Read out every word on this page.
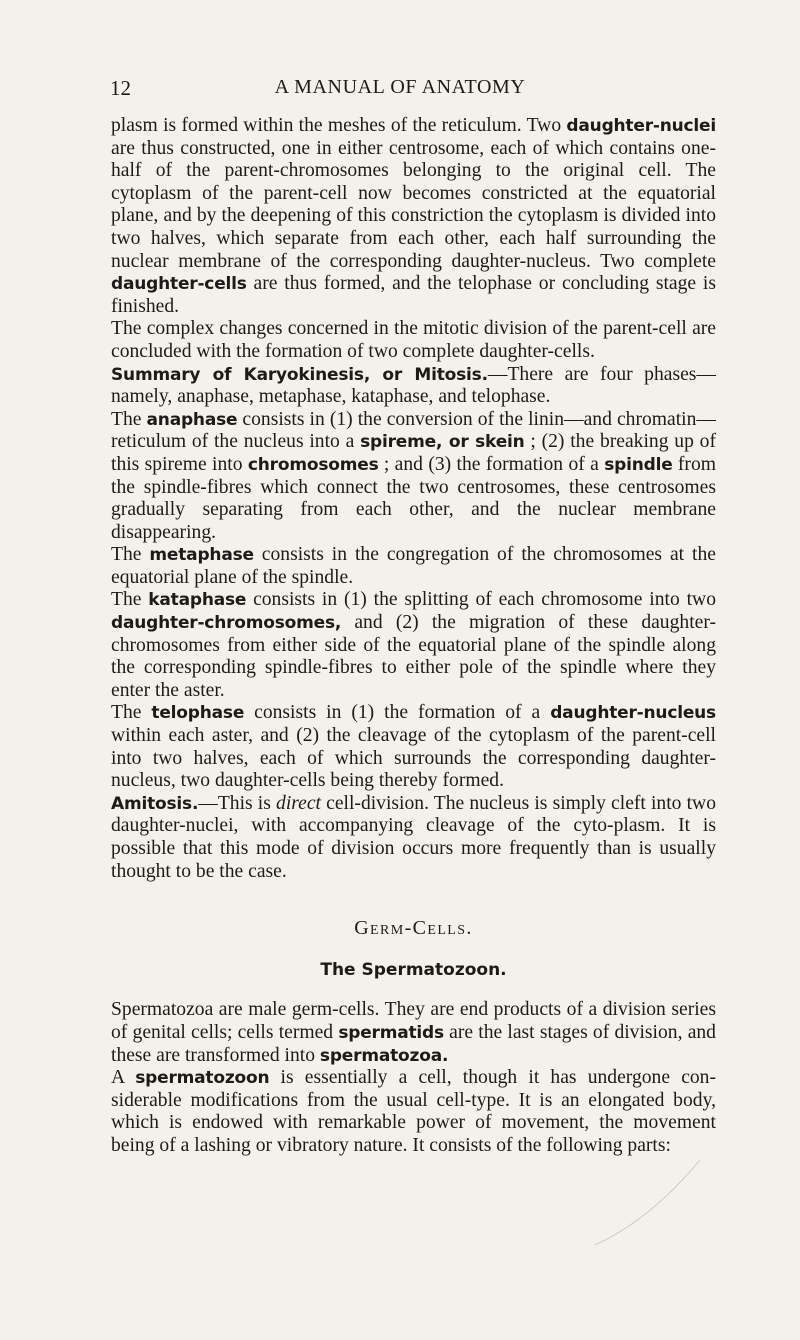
12	A MANUAL OF ANATOMY

plasm is formed within the meshes of the reticulum. Two daughter-nuclei are thus constructed, one in either centrosome, each of which contains one-half of the parent-chromosomes belonging to the original cell. The cytoplasm of the parent-cell now becomes constricted at the equatorial plane, and by the deepening of this constriction the cytoplasm is divided into two halves, which separate from each other, each half surrounding the nuclear membrane of the corresponding daughter-nucleus. Two complete daughter-cells are thus formed, and the telophase or concluding stage is finished.

The complex changes concerned in the mitotic division of the parent-cell are concluded with the formation of two complete daughter-cells.

Summary of Karyokinesis, or Mitosis.—There are four phases—namely, anaphase, metaphase, kataphase, and telophase.

The anaphase consists in (1) the conversion of the linin—and chromatin—reticulum of the nucleus into a spireme, or skein ; (2) the breaking up of this spireme into chromosomes ; and (3) the formation of a spindle from the spindle-fibres which connect the two centrosomes, these centrosomes gradually separating from each other, and the nuclear membrane disappearing.

The metaphase consists in the congregation of the chromosomes at the equatorial plane of the spindle.

The kataphase consists in (1) the splitting of each chromosome into two daughter-chromosomes, and (2) the migration of these daughter-chromosomes from either side of the equatorial plane of the spindle along the corresponding spindle-fibres to either pole of the spindle where they enter the aster.

The telophase consists in (1) the formation of a daughter-nucleus within each aster, and (2) the cleavage of the cytoplasm of the parent-cell into two halves, each of which surrounds the corresponding daughter-nucleus, two daughter-cells being thereby formed.

Amitosis.—This is direct cell-division. The nucleus is simply cleft into two daughter-nuclei, with accompanying cleavage of the cyto-plasm. It is possible that this mode of division occurs more frequently than is usually thought to be the case.

Germ-Cells.
The Spermatozoon.

Spermatozoa are male germ-cells. They are end products of a division series of genital cells; cells termed spermatids are the last stages of division, and these are transformed into spermatozoa.

A spermatozoon is essentially a cell, though it has undergone con-siderable modifications from the usual cell-type. It is an elongated body, which is endowed with remarkable power of movement, the movement being of a lashing or vibratory nature. It consists of the following parts:
